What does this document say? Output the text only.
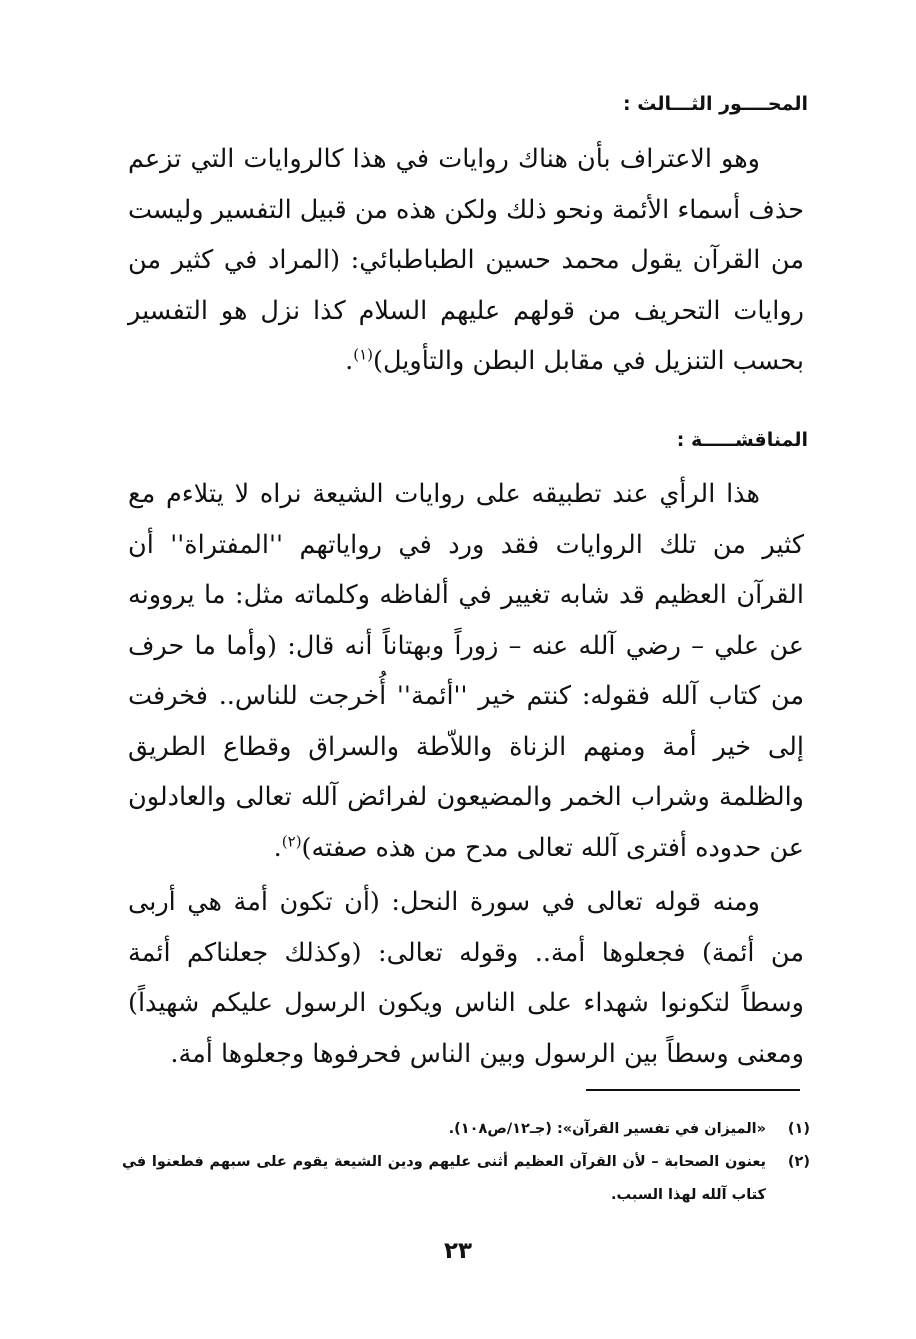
المحــــور الثـــالث :

وهو الاعتراف بأن هناك روايات في هذا كالروايات التي تزعم حذف أسماء الأئمة ونحو ذلك ولكن هذه من قبيل التفسير وليست من القرآن يقول محمد حسين الطباطبائي: (المراد في كثير من روايات التحريف من قولهم عليهم السلام كذا نزل هو التفسير بحسب التنزيل في مقابل البطن والتأويل)$^{(١)}$.

المناقشـــــة :

هذا الرأي عند تطبيقه على روايات الشيعة نراه لا يتلاءم مع كثير من تلك الروايات فقد ورد في رواياتهم ''المفتراة'' أن القرآن العظيم قد شابه تغيير في ألفاظه وكلماته مثل: ما يروونه عن علي – رضي آلله عنه – زوراً وبهتاناً أنه قال: (وأما ما حرف من كتاب آلله فقوله: كنتم خير ''أئمة'' أُخرجت للناس.. فخرفت إلى خير أمة ومنهم الزناة واللاّطة والسراق وقطاع الطريق والظلمة وشراب الخمر والمضيعون لفرائض آلله تعالى والعادلون عن حدوده أفترى آلله تعالى مدح من هذه صفته)$^{(٢)}$.

ومنه قوله تعالى في سورة النحل: (أن تكون أمة هي أربى من أئمة) فجعلوها أمة.. وقوله تعالى: (وكذلك جعلناكم أئمة وسطاً لتكونوا شهداء على الناس ويكون الرسول عليكم شهيداً) ومعنى وسطاً بين الرسول وبين الناس فحرفوها وجعلوها أمة.

(١)
«الميزان في تفسير القرآن»: (جـ١٢/ص١٠٨).
(٢)
يعنون الصحابة – لأن القرآن العظيم أثنى عليهم ودين الشيعة يقوم على سبهم فطعنوا في كتاب آلله لهذا السبب.
٢٣
